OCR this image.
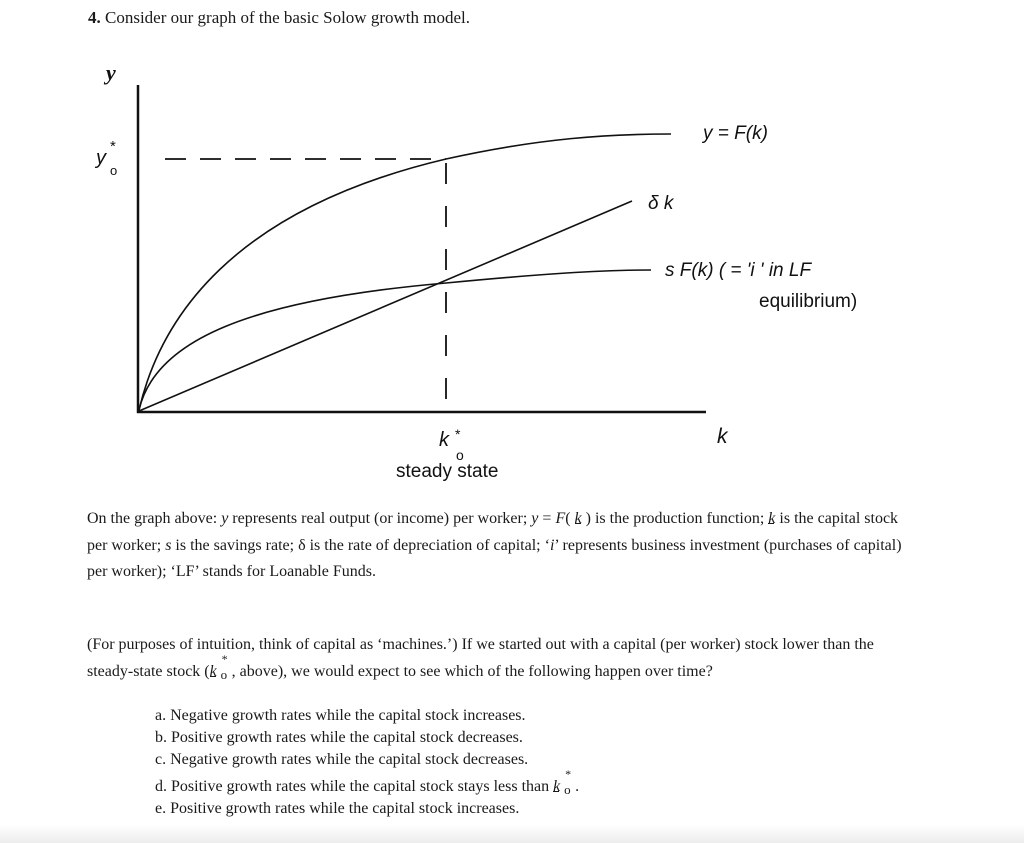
4. Consider our graph of the basic Solow growth model.
y
y
*
o
y = F(k)
δ k
s F(k) ( = 'i ' in LF
equilibrium)
k *
o
steady state
k
On the graph above: y represents real output (or income) per worker; y = F( k ) is the production function; k is the capital stock per worker; s is the savings rate; δ is the rate of depreciation of capital; ‘i’ represents business investment (purchases of capital) per worker); ‘LF’ stands for Loanable Funds.
(For purposes of intuition, think of capital as ‘machines.’) If we started out with a capital (per worker) stock lower than the steady-state stock (k
*
o , above), we would expect to see which of the following happen over time?
a. Negative growth rates while the capital stock increases.
b. Positive growth rates while the capital stock decreases.
c. Negative growth rates while the capital stock decreases.
d. Positive growth rates while the capital stock stays less than k
*
o .
e. Positive growth rates while the capital stock increases.
